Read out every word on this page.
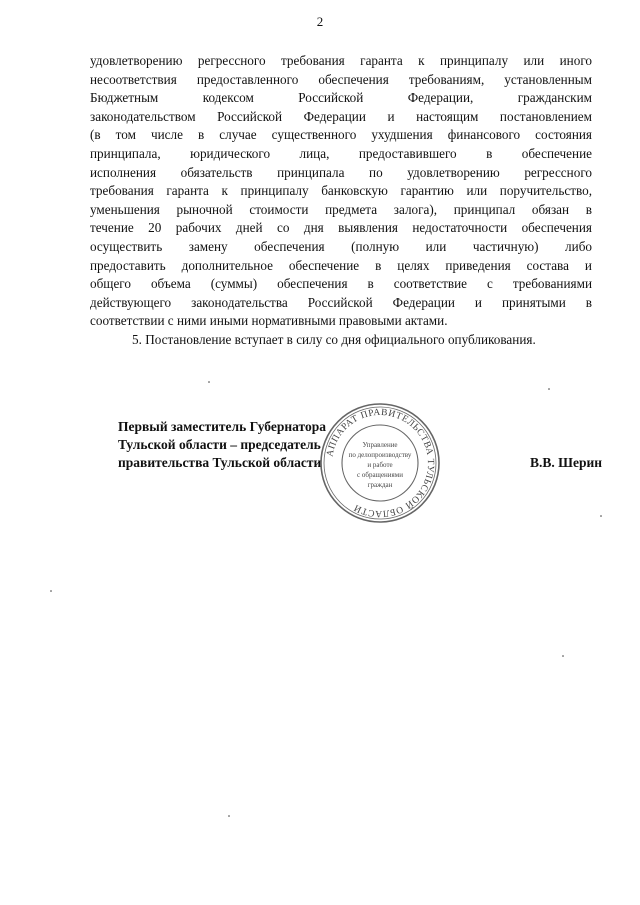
2
удовлетворению регрессного требования гаранта к принципалу или иного
несоответствия предоставленного обеспечения требованиям, установленным
Бюджетным кодексом Российской Федерации, гражданским
законодательством Российской Федерации и настоящим постановлением
(в том числе в случае существенного ухудшения финансового состояния
принципала, юридического лица, предоставившего в обеспечение
исполнения обязательств принципала по удовлетворению регрессного
требования гаранта к принципалу банковскую гарантию или поручительство,
уменьшения рыночной стоимости предмета залога), принципал обязан в
течение 20 рабочих дней со дня выявления недостаточности обеспечения
осуществить замену обеспечения (полную или частичную) либо
предоставить дополнительное обеспечение в целях приведения состава и
общего объема (суммы) обеспечения в соответствие с требованиями
действующего законодательства Российской Федерации и принятыми в
соответствии с ними иными нормативными правовыми актами.
5. Постановление вступает в силу со дня официального опубликования.
Первый заместитель Губернатора
Тульской области – председатель
правительства Тульской области	В.В. Шерин
АППАРАТ ПРАВИТЕЛЬСТВА ТУЛЬСКОЙ ОБЛАСТИ
Управление
по делопроизводству
и работе
с обращениями
граждан
